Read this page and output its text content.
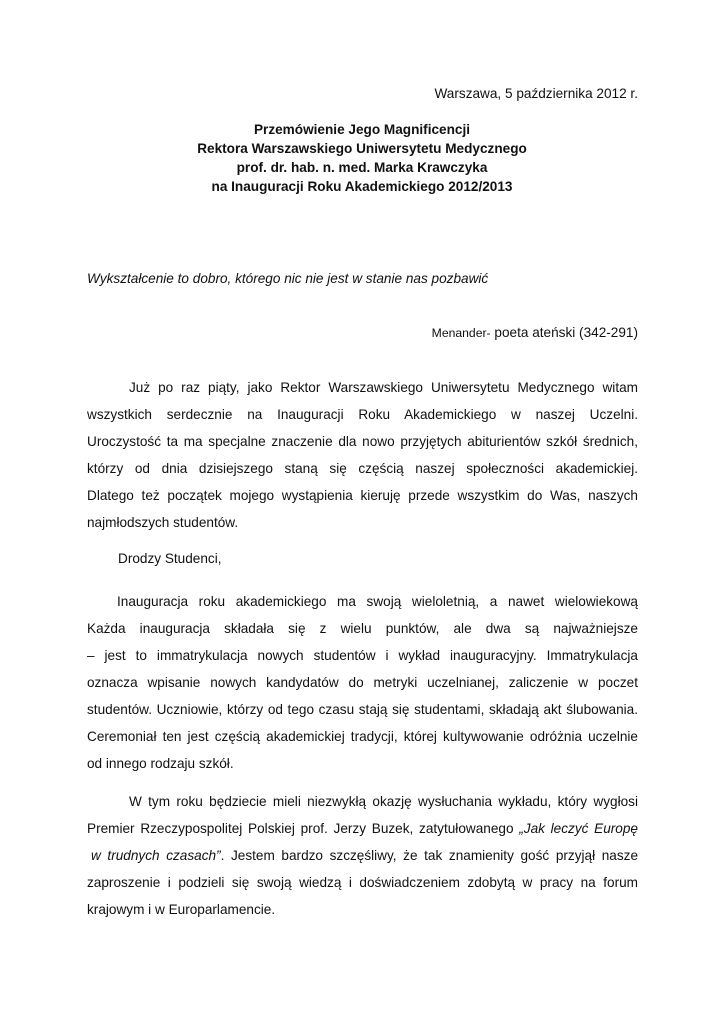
Warszawa, 5 października 2012 r.
Przemówienie Jego Magnificencji
Rektora Warszawskiego Uniwersytetu Medycznego
prof. dr. hab. n. med. Marka Krawczyka
na Inauguracji Roku Akademickiego 2012/2013
Wykształcenie to dobro, którego nic nie jest w stanie nas pozbawić
Menander- poeta ateński (342-291)
Już po raz piąty, jako Rektor Warszawskiego Uniwersytetu Medycznego witam
wszystkich serdecznie na Inauguracji Roku Akademickiego w naszej Uczelni.
Uroczystość ta ma specjalne znaczenie dla nowo przyjętych abiturientów szkół średnich,
którzy od dnia dzisiejszego staną się częścią naszej społeczności akademickiej.
Dlatego też początek mojego wystąpienia kieruję przede wszystkim do Was, naszych
najmłodszych studentów.
Drodzy Studenci,
Inauguracja roku akademickiego ma swoją wieloletnią, a nawet wielowiekową
Każda inauguracja składała się z wielu punktów, ale dwa są najważniejsze
– jest to immatrykulacja nowych studentów i wykład inauguracyjny. Immatrykulacja
oznacza wpisanie nowych kandydatów do metryki uczelnianej, zaliczenie w poczet
studentów. Uczniowie, którzy od tego czasu stają się studentami, składają akt ślubowania.
Ceremoniał ten jest częścią akademickiej tradycji, której kultywowanie odróżnia uczelnie
od innego rodzaju szkół.
W tym roku będziecie mieli niezwykłą okazję wysłuchania wykładu, który wygłosi
Premier Rzeczypospolitej Polskiej prof. Jerzy Buzek, zatytułowanego „Jak leczyć Europę
w trudnych czasach”. Jestem bardzo szczęśliwy, że tak znamienity gość przyjął nasze
zaproszenie i podzieli się swoją wiedzą i doświadczeniem zdobytą w pracy na forum
krajowym i w Europarlamencie.
